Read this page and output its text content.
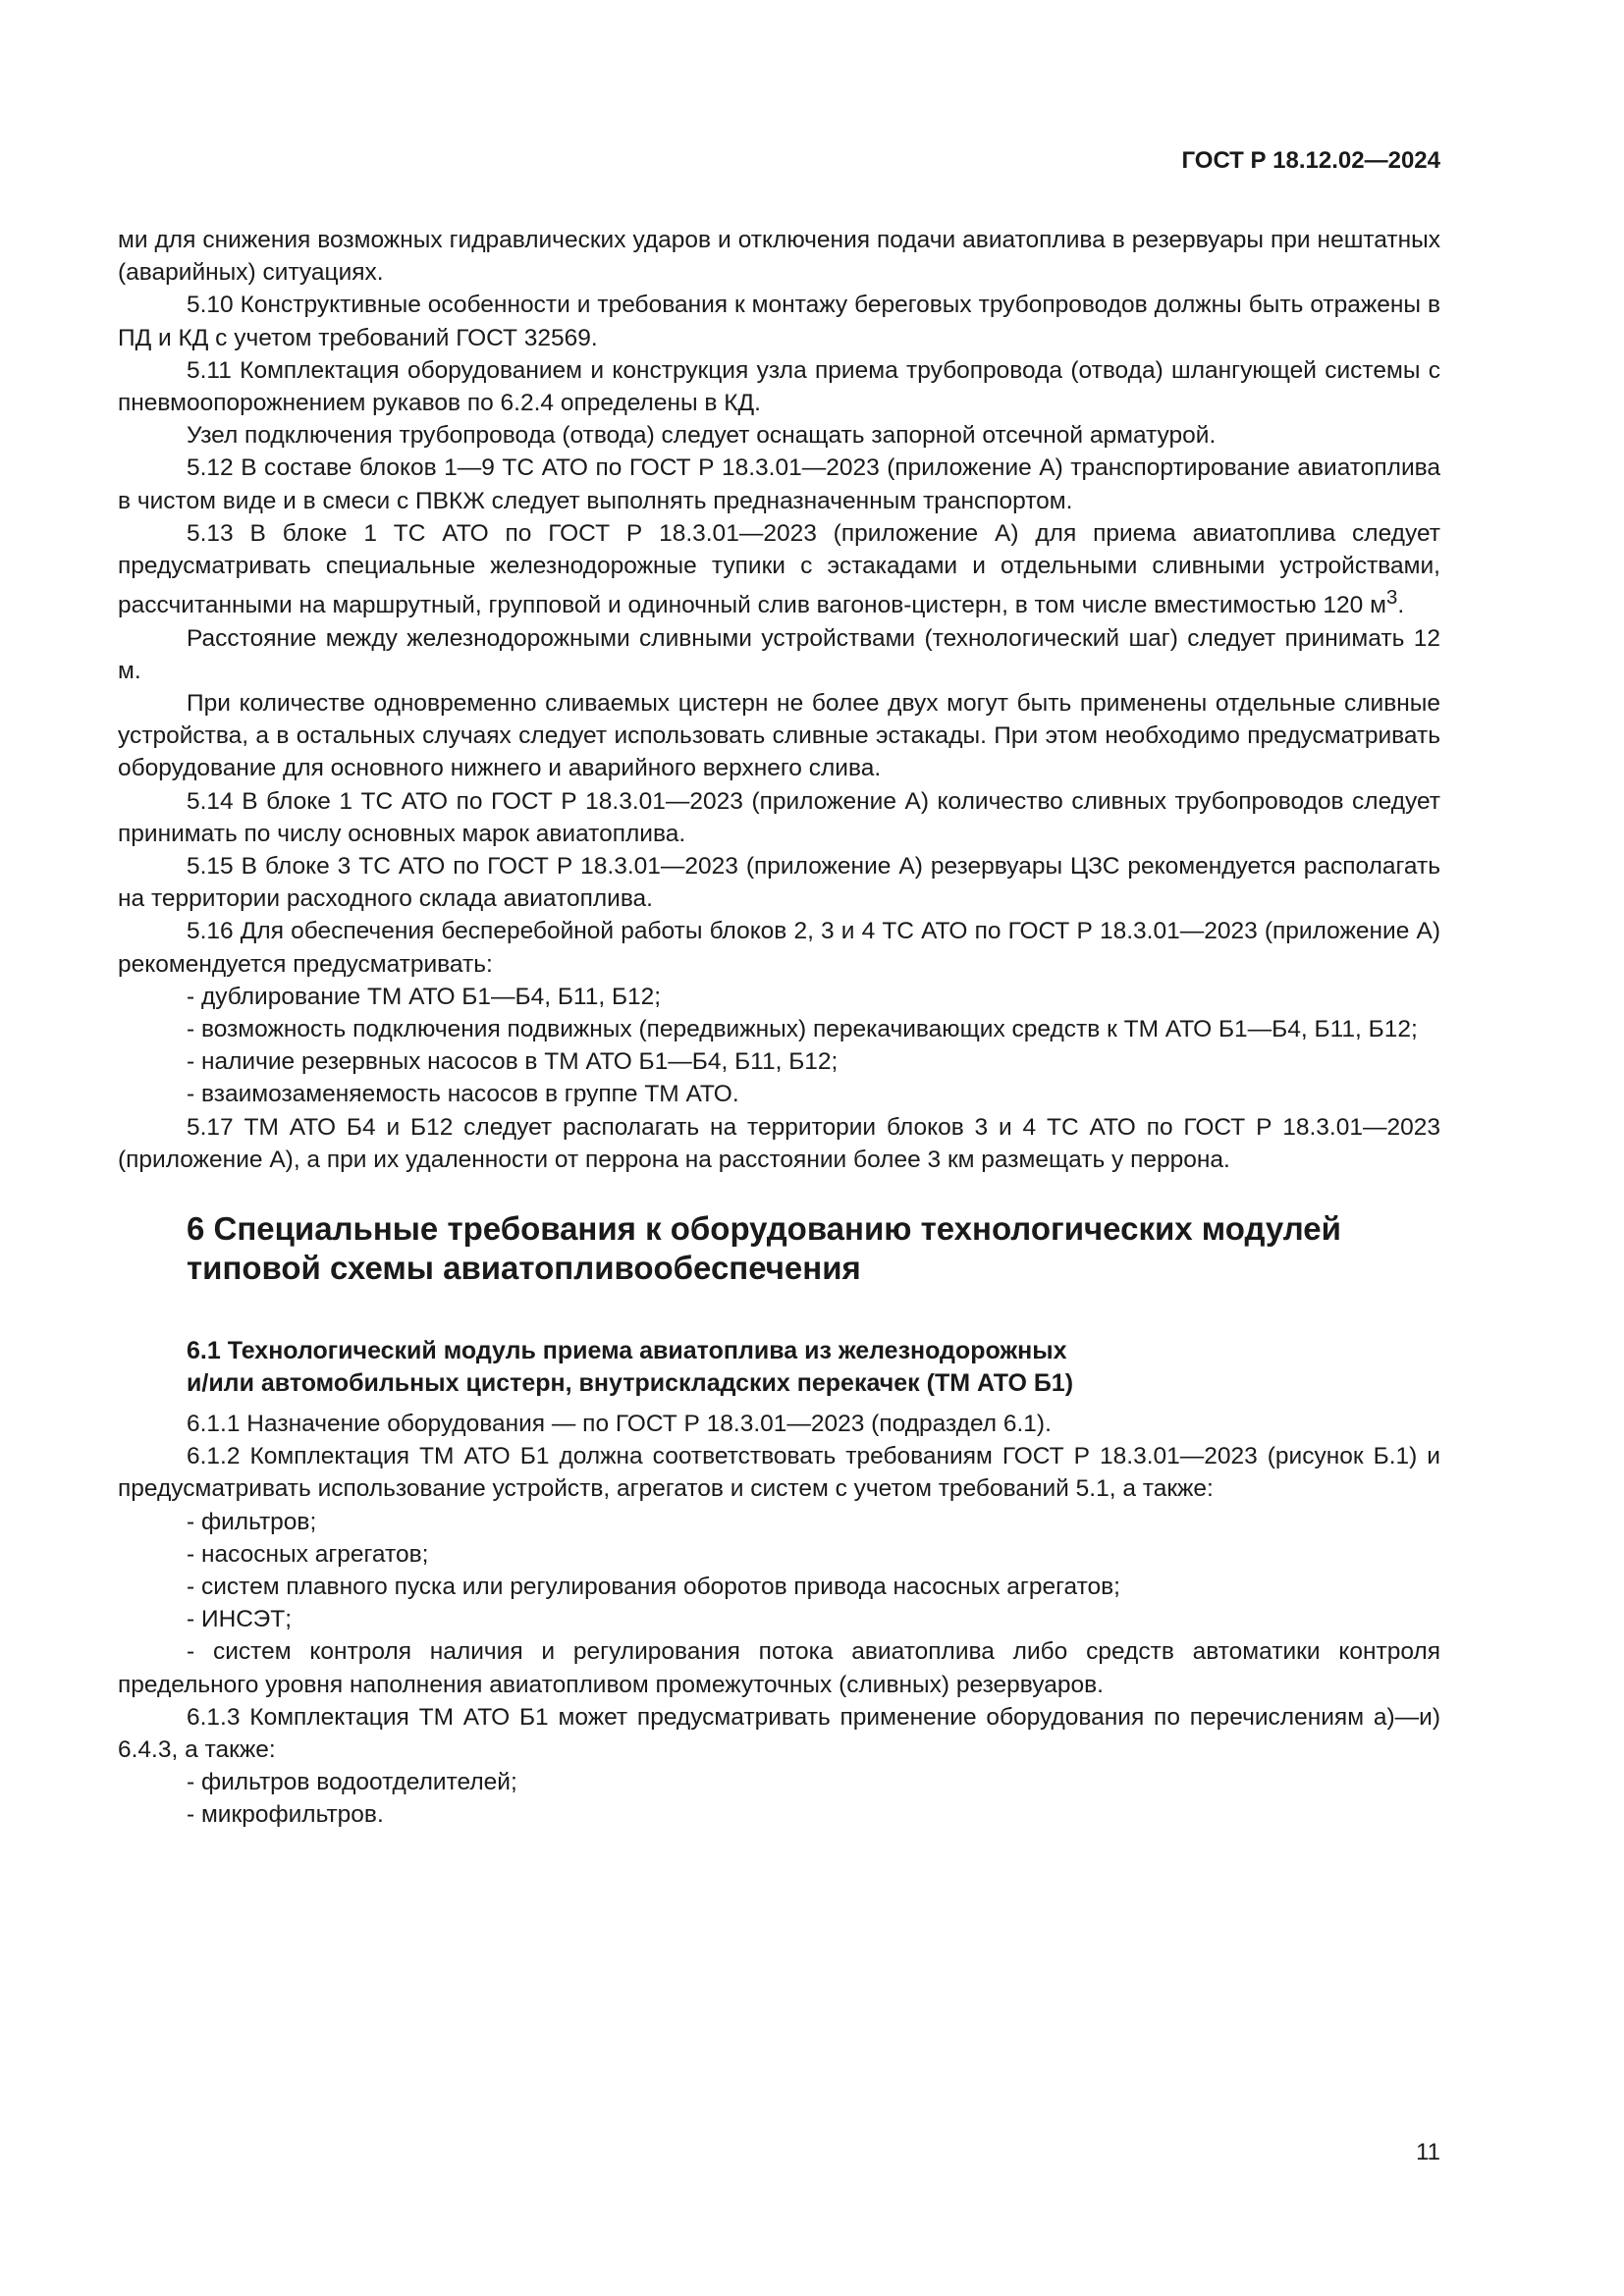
ГОСТ Р 18.12.02—2024

ми для снижения возможных гидравлических ударов и отключения подачи авиатоплива в резервуары при нештатных (аварийных) ситуациях.

5.10 Конструктивные особенности и требования к монтажу береговых трубопроводов должны быть отражены в ПД и КД с учетом требований ГОСТ 32569.

5.11 Комплектация оборудованием и конструкция узла приема трубопровода (отвода) шлангующей системы с пневмоопорожнением рукавов по 6.2.4 определены в КД.

Узел подключения трубопровода (отвода) следует оснащать запорной отсечной арматурой.

5.12 В составе блоков 1—9 ТС АТО по ГОСТ Р 18.3.01—2023 (приложение А) транспортирование авиатоплива в чистом виде и в смеси с ПВКЖ следует выполнять предназначенным транспортом.

5.13 В блоке 1 ТС АТО по ГОСТ Р 18.3.01—2023 (приложение А) для приема авиатоплива следует предусматривать специальные железнодорожные тупики с эстакадами и отдельными сливными устройствами, рассчитанными на маршрутный, групповой и одиночный слив вагонов-цистерн, в том числе вместимостью 120 $м^3$.

Расстояние между железнодорожными сливными устройствами (технологический шаг) следует принимать 12 м.

При количестве одновременно сливаемых цистерн не более двух могут быть применены отдельные сливные устройства, а в остальных случаях следует использовать сливные эстакады. При этом необходимо предусматривать оборудование для основного нижнего и аварийного верхнего слива.

5.14 В блоке 1 ТС АТО по ГОСТ Р 18.3.01—2023 (приложение А) количество сливных трубопроводов следует принимать по числу основных марок авиатоплива.

5.15 В блоке 3 ТС АТО по ГОСТ Р 18.3.01—2023 (приложение А) резервуары ЦЗС рекомендуется располагать на территории расходного склада авиатоплива.

5.16 Для обеспечения бесперебойной работы блоков 2, 3 и 4 ТС АТО по ГОСТ Р 18.3.01—2023 (приложение А) рекомендуется предусматривать:

- дублирование ТМ АТО Б1—Б4, Б11, Б12;

- возможность подключения подвижных (передвижных) перекачивающих средств к ТМ АТО Б1—Б4, Б11, Б12;

- наличие резервных насосов в ТМ АТО Б1—Б4, Б11, Б12;

- взаимозаменяемость насосов в группе ТМ АТО.

5.17 ТМ АТО Б4 и Б12 следует располагать на территории блоков 3 и 4 ТС АТО по ГОСТ Р 18.3.01—2023 (приложение А), а при их удаленности от перрона на расстоянии более 3 км размещать у перрона.

6 Специальные требования к оборудованию технологических модулей типовой схемы авиатопливообеспечения

6.1 Технологический модуль приема авиатоплива из железнодорожных
и/или автомобильных цистерн, внутрискладских перекачек (ТМ АТО Б1)

6.1.1 Назначение оборудования — по ГОСТ Р 18.3.01—2023 (подраздел 6.1).

6.1.2 Комплектация ТМ АТО Б1 должна соответствовать требованиям ГОСТ Р 18.3.01—2023 (рисунок Б.1) и предусматривать использование устройств, агрегатов и систем с учетом требований 5.1, а также:

- фильтров;

- насосных агрегатов;

- систем плавного пуска или регулирования оборотов привода насосных агрегатов;

- ИНСЭТ;

- систем контроля наличия и регулирования потока авиатоплива либо средств автоматики контроля предельного уровня наполнения авиатопливом промежуточных (сливных) резервуаров.

6.1.3 Комплектация ТМ АТО Б1 может предусматривать применение оборудования по перечислениям а)—и) 6.4.3, а также:

- фильтров водоотделителей;

- микрофильтров.

11
